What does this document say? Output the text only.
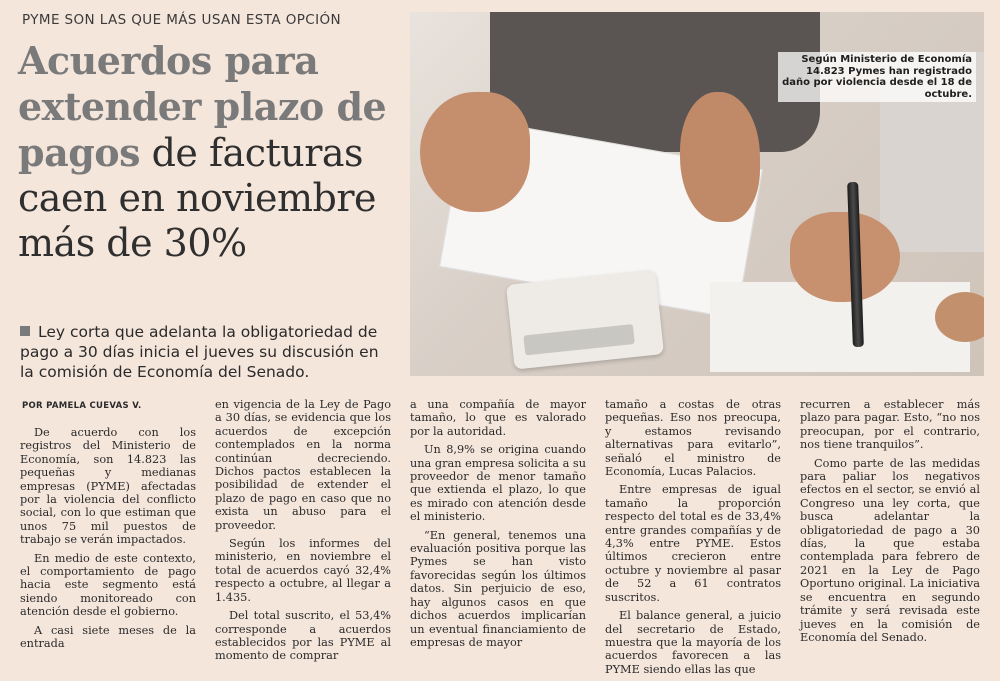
PYME SON LAS QUE MÁS USAN ESTA OPCIÓN
Acuerdos para extender plazo de pagos de facturas caen en noviembre más de 30%
Según Ministerio de Economía
14.823 Pymes han registrado daño por violencia desde el 18 de octubre.
Ley corta que adelanta la obligatoriedad de pago a 30 días inicia el jueves su discusión en la comisión de Economía del Senado.
POR PAMELA CUEVAS V.

De acuerdo con los registros del Ministerio de Economía, son 14.823 las pequeñas y medianas empresas (PYME) afectadas por la violencia del conflicto social, con lo que estiman que unos 75 mil puestos de trabajo se verán impactados.

En medio de este contexto, el comportamiento de pago hacia este segmento está siendo monitoreado con atención desde el gobierno.

A casi siete meses de la entrada

en vigencia de la Ley de Pago a 30 días, se evidencia que los acuerdos de excepción contemplados en la norma continúan decreciendo. Dichos pactos establecen la posibilidad de extender el plazo de pago en caso que no exista un abuso para el proveedor.

Según los informes del ministerio, en noviembre el total de acuerdos cayó 32,4% respecto a octubre, al llegar a 1.435.

Del total suscrito, el 53,4% corresponde a acuerdos establecidos por las PYME al momento de comprar

a una compañía de mayor tamaño, lo que es valorado por la autoridad.

Un 8,9% se origina cuando una gran empresa solicita a su proveedor de menor tamaño que extienda el plazo, lo que es mirado con atención desde el ministerio.

“En general, tenemos una evaluación positiva porque las Pymes se han visto favorecidas según los últimos datos. Sin perjuicio de eso, hay algunos casos en que dichos acuerdos implicarían un eventual financiamiento de empresas de mayor

tamaño a costas de otras pequeñas. Eso nos preocupa, y estamos revisando alternativas para evitarlo”, señaló el ministro de Economía, Lucas Palacios.

Entre empresas de igual tamaño la proporción respecto del total es de 33,4% entre grandes compañías y de 4,3% entre PYME. Estos últimos crecieron entre octubre y noviembre al pasar de 52 a 61 contratos suscritos.

El balance general, a juicio del secretario de Estado, muestra que la mayoría de los acuerdos favorecen a las PYME siendo ellas las que

recurren a establecer más plazo para pagar. Esto, “no nos preocupan, por el contrario, nos tiene tranquilos”.

Como parte de las medidas para paliar los negativos efectos en el sector, se envió al Congreso una ley corta, que busca adelantar la obligatoriedad de pago a 30 días, la que estaba contemplada para febrero de 2021 en la Ley de Pago Oportuno original. La iniciativa se encuentra en segundo trámite y será revisada este jueves en la comisión de Economía del Senado.
